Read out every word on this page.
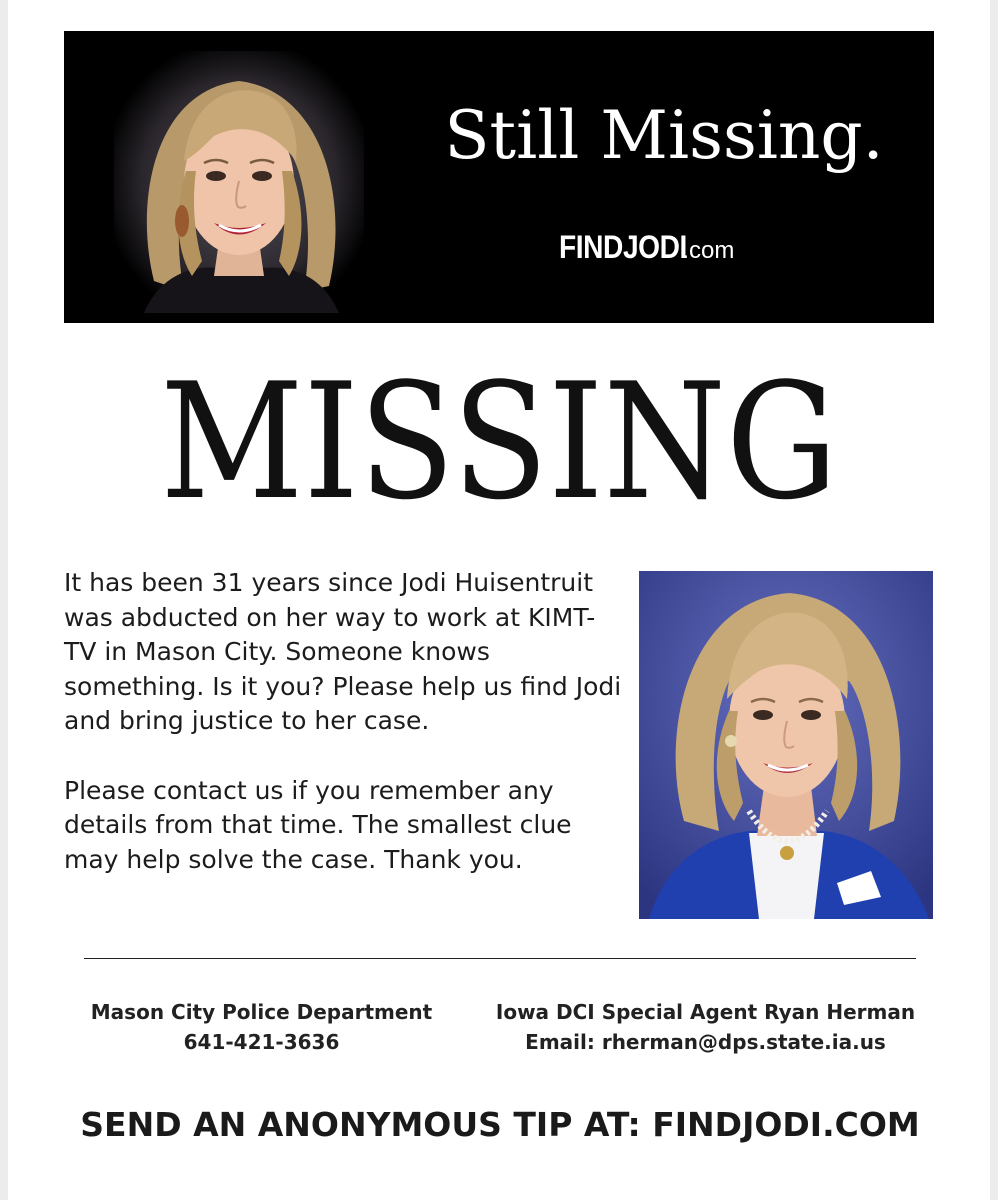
Still Missing.
FINDJODI.com
MISSING

It has been 31 years since Jodi Huisentruit was abducted on her way to work at KIMT-TV in Mason City. Someone knows something. Is it you? Please help us find Jodi and bring justice to her case.

Please contact us if you remember any details from that time. The smallest clue may help solve the case. Thank you.

Mason City Police Department
641-421-3636
Iowa DCI Special Agent Ryan Herman
Email: rherman@dps.state.ia.us
SEND AN ANONYMOUS TIP AT: FINDJODI.COM
